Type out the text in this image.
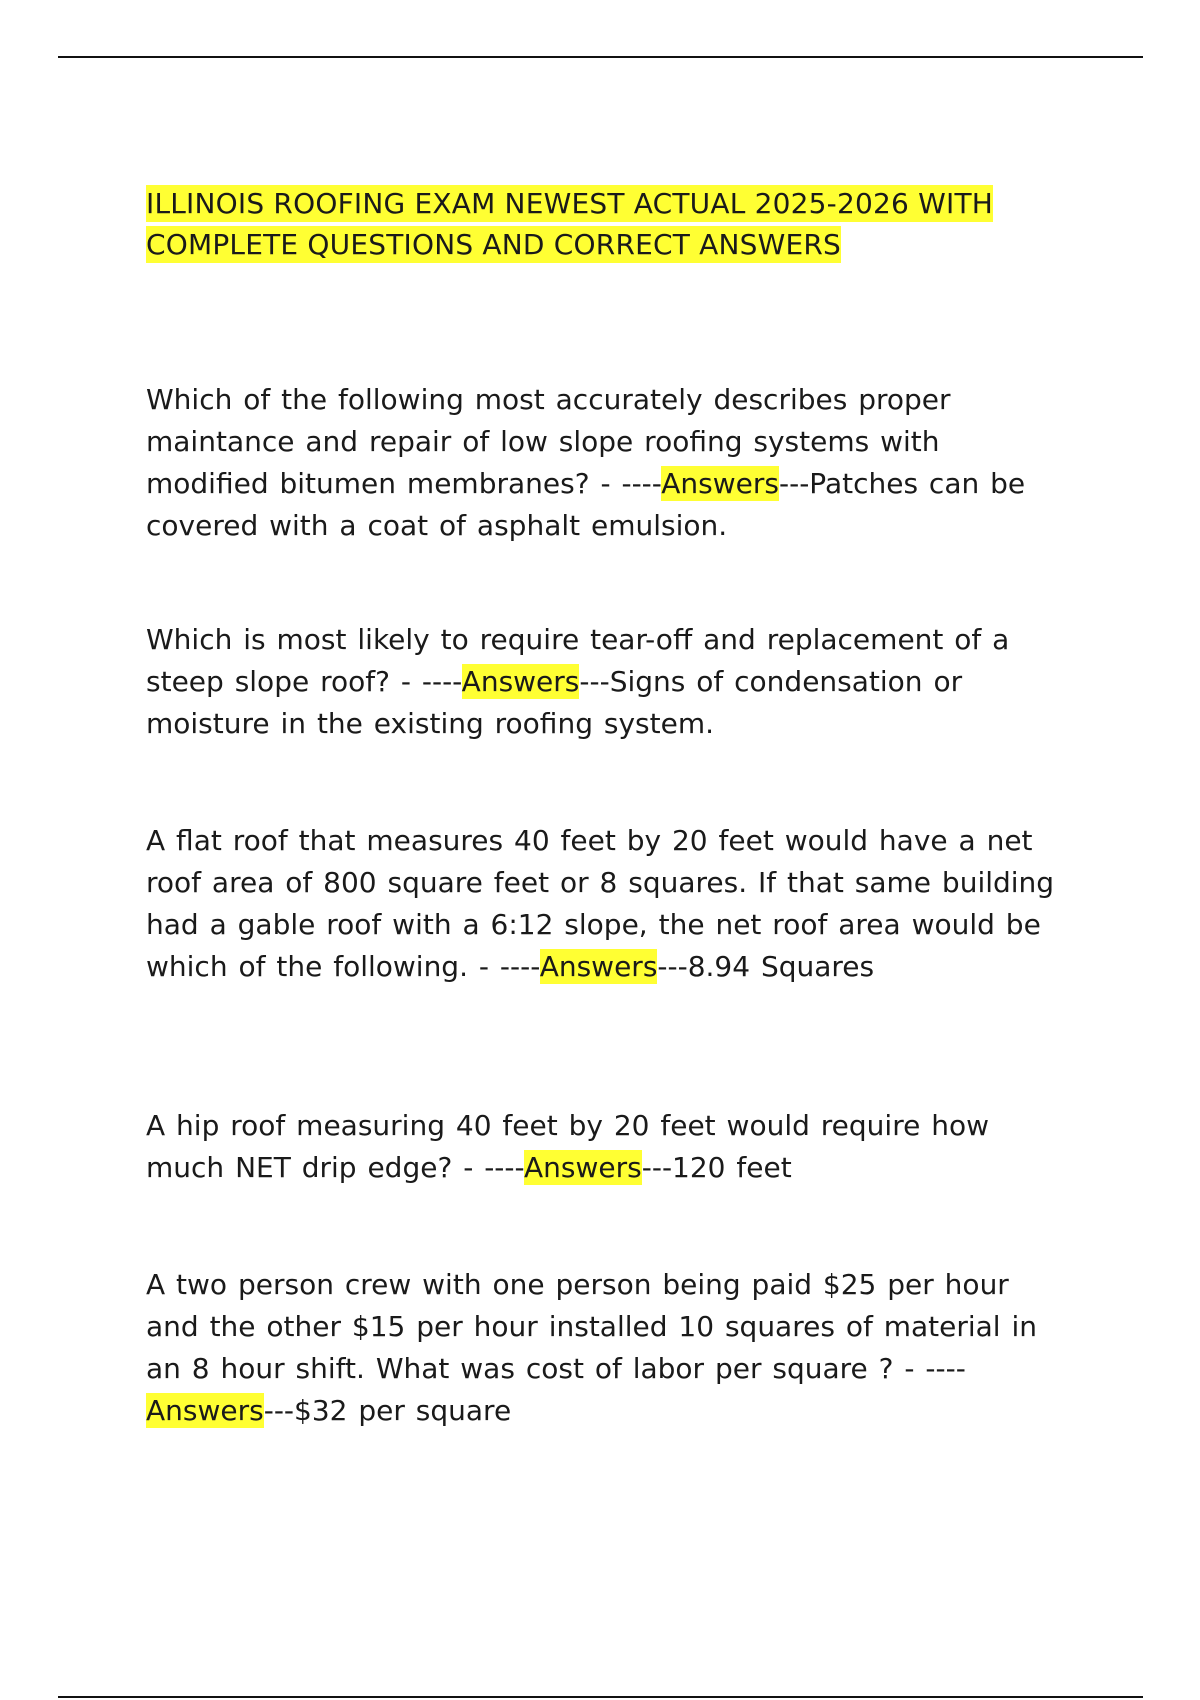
ILLINOIS ROOFING EXAM NEWEST ACTUAL 2025-2026 WITH COMPLETE QUESTIONS AND CORRECT ANSWERS

Which of the following most accurately describes proper maintance and repair of low slope roofing systems with modified bitumen membranes? - ----Answers---Patches can be covered with a coat of asphalt emulsion.

Which is most likely to require tear-off and replacement of a steep slope roof? - ----Answers---Signs of condensation or moisture in the existing roofing system.

A flat roof that measures 40 feet by 20 feet would have a net roof area of 800 square feet or 8 squares. If that same building had a gable roof with a 6:12 slope, the net roof area would be which of the following. - ----Answers---8.94 Squares

A hip roof measuring 40 feet by 20 feet would require how much NET drip edge? - ----Answers---120 feet

A two person crew with one person being paid $25 per hour and the other $15 per hour installed 10 squares of material in an 8 hour shift. What was cost of labor per square ? - ---- Answers---$32 per square
